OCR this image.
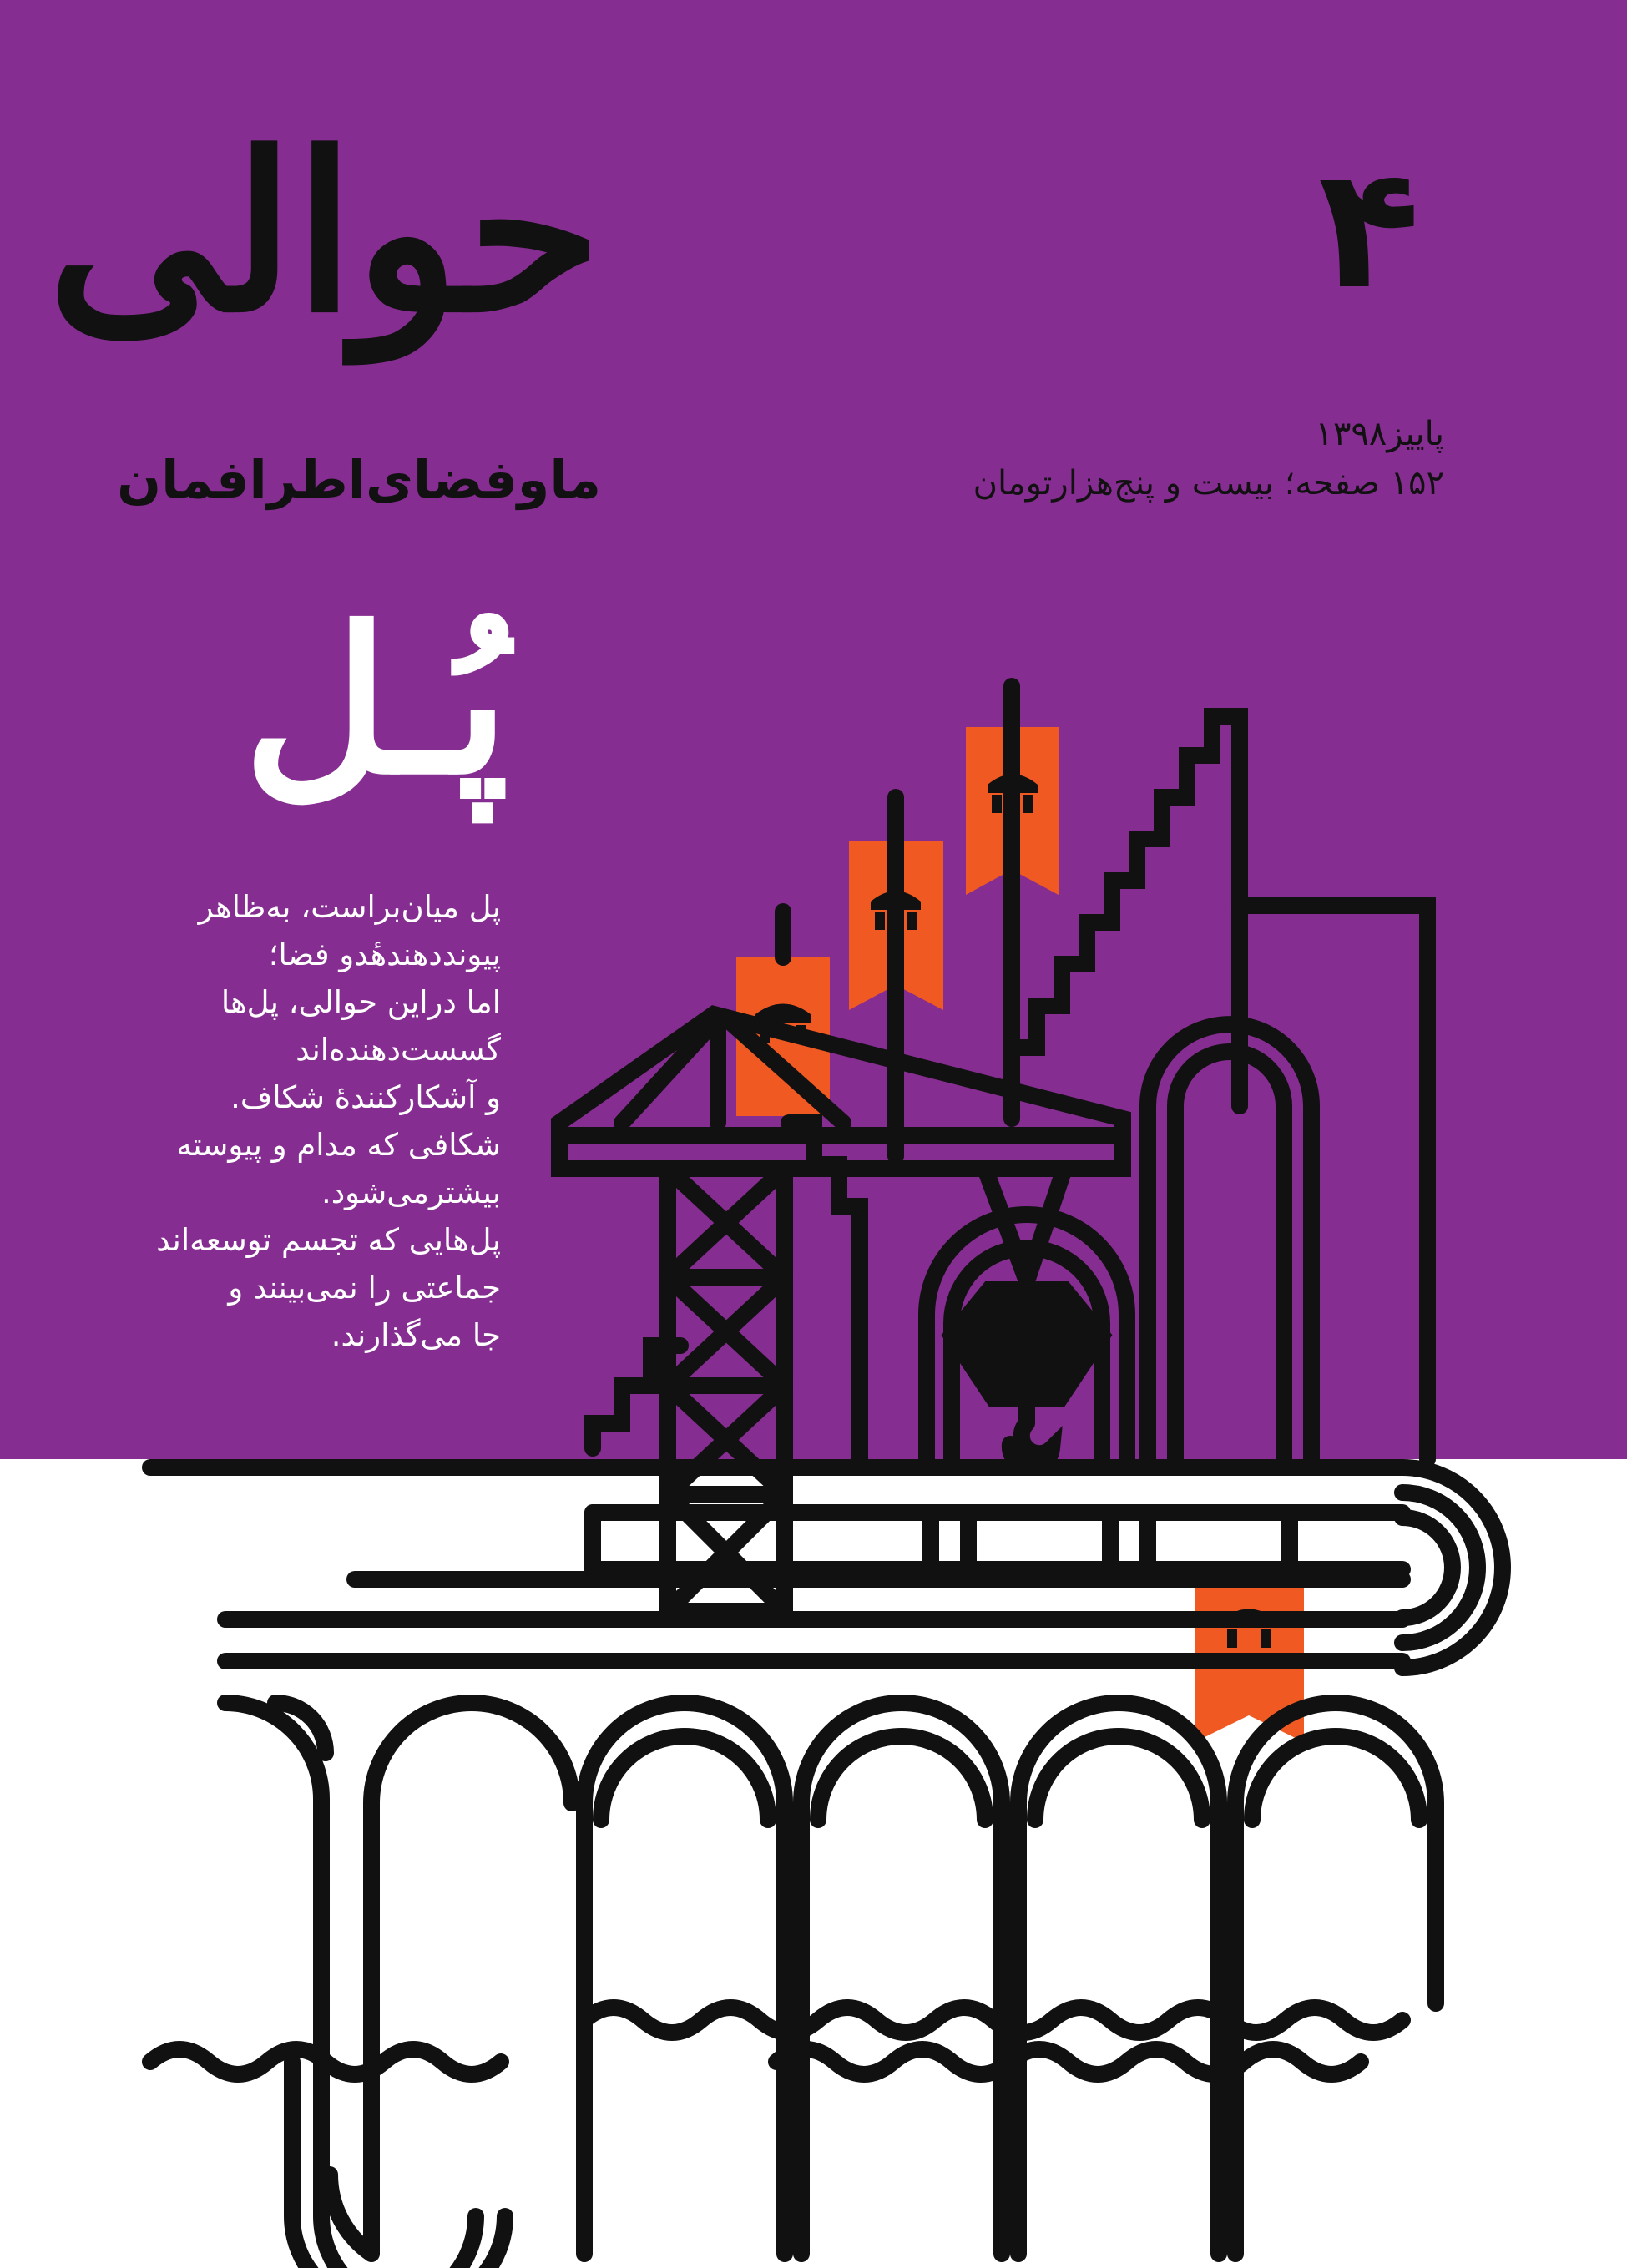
حوالی
ماوفضای‌اطرافمان
۴
پاییز۱۳۹۸
۱۵۲ صفحه؛ بیست و پنج‌هزارتومان
پُـل
پل میان‌براست، به‌ظاهر
پیونددهندهٔدو فضا؛
اما دراین حوالی، پل‌ها
گسست‌دهنده‌اند
و آشکارکنندهٔ شکاف.
شکافی که مدام و پیوسته
بیشترمی‌شود.
پل‌هایی که تجسم توسعه‌اند
جماعتی را نمی‌بینند و
جا می‌گذارند.
